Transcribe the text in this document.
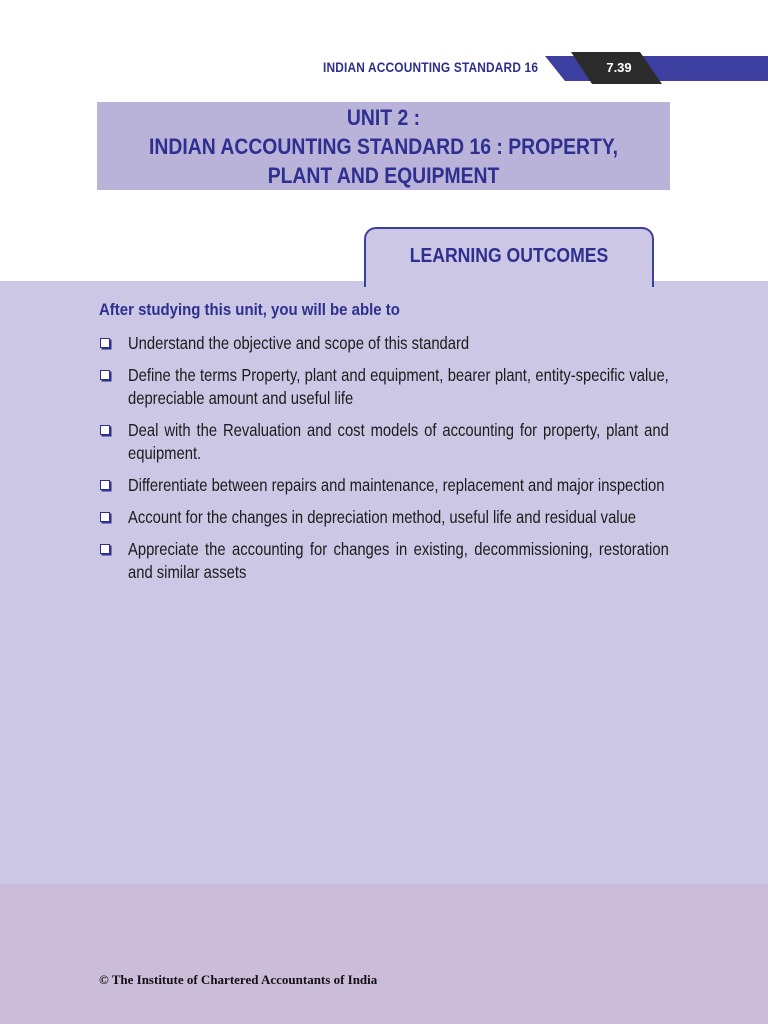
INDIAN ACCOUNTING STANDARD 16	7.39
UNIT 2 :
INDIAN ACCOUNTING STANDARD 16 : PROPERTY,
PLANT AND EQUIPMENT
LEARNING OUTCOMES
After studying this unit, you will be able to
Understand the objective and scope of this standard
Define the terms Property, plant and equipment, bearer plant, entity-specific value, depreciable amount and useful life
Deal with the Revaluation and cost models of accounting for property, plant and equipment.
Differentiate between repairs and maintenance, replacement and major inspection
Account for the changes in depreciation method, useful life and residual value
Appreciate the accounting for changes in existing, decommissioning, restoration and similar assets
© The Institute of Chartered Accountants of India
